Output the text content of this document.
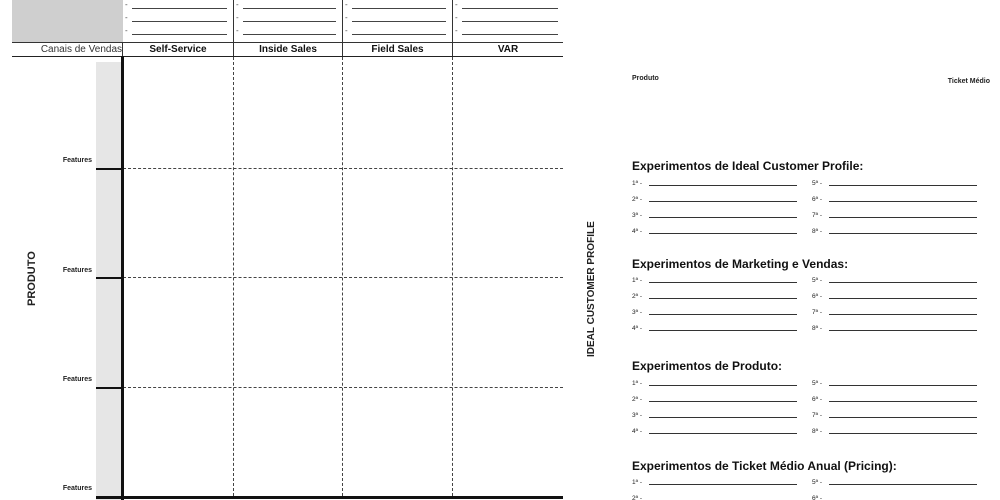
-
-
-
-
-
-
-
-
-
-
-
-
Canais de Vendas	Self-Service	Inside Sales	Field Sales	VAR
Features
Features
Features
Features
PRODUTO
Produto	Ticket Médio
IDEAL CUSTOMER PROFILE
Experimentos de Ideal Customer Profile:
1ª -
2ª -
3ª -
4ª -
5ª -
6ª -
7ª -
8ª -
Experimentos de Marketing e Vendas:
1ª -
2ª -
3ª -
4ª -
5ª -
6ª -
7ª -
8ª -
Experimentos de Produto:
1ª -
2ª -
3ª -
4ª -
5ª -
6ª -
7ª -
8ª -
Experimentos de Ticket Médio Anual (Pricing):
1ª -
2ª -
5ª -
6ª -
